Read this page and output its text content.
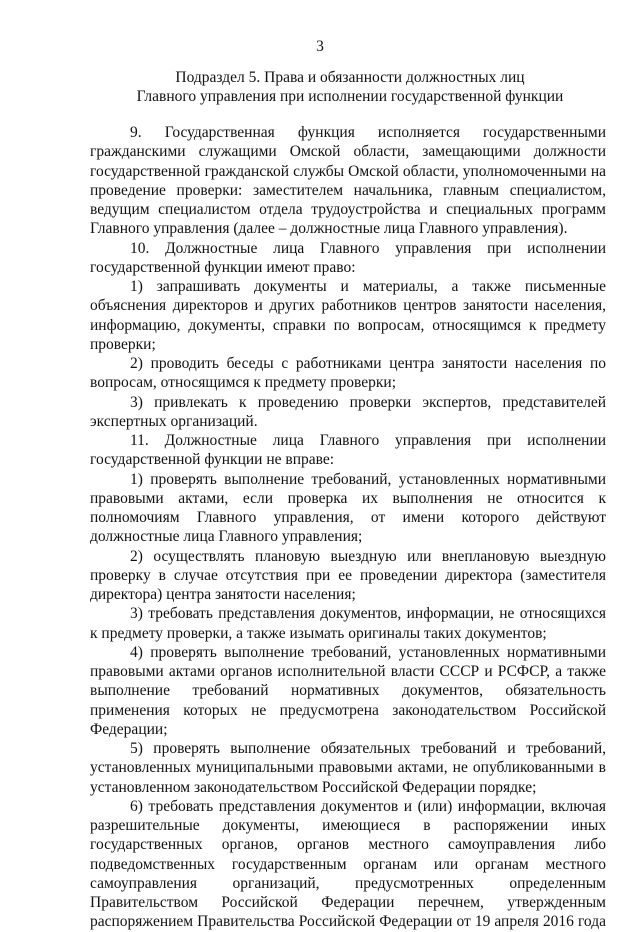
3
Подраздел 5. Права и обязанности должностных лиц
Главного управления при исполнении государственной функции

9. Государственная функция исполняется государственными гражданскими служащими Омской области, замещающими должности государственной гражданской службы Омской области, уполномоченными на проведение проверки: заместителем начальника, главным специалистом, ведущим специалистом отдела трудоустройства и специальных программ Главного управления (далее – должностные лица Главного управления).

10. Должностные лица Главного управления при исполнении государственной функции имеют право:

1) запрашивать документы и материалы, а также письменные объяснения директоров и других работников центров занятости населения, информацию, документы, справки по вопросам, относящимся к предмету проверки;

2) проводить беседы с работниками центра занятости населения по вопросам, относящимся к предмету проверки;

3) привлекать к проведению проверки экспертов, представителей экспертных организаций.

11. Должностные лица Главного управления при исполнении государственной функции не вправе:

1) проверять выполнение требований, установленных нормативными правовыми актами, если проверка их выполнения не относится к полномочиям Главного управления, от имени которого действуют должностные лица Главного управления;

2) осуществлять плановую выездную или внеплановую выездную проверку в случае отсутствия при ее проведении директора (заместителя директора) центра занятости населения;

3) требовать представления документов, информации, не относящихся к предмету проверки, а также изымать оригиналы таких документов;

4) проверять выполнение требований, установленных нормативными правовыми актами органов исполнительной власти СССР и РСФСР, а также выполнение требований нормативных документов, обязательность применения которых не предусмотрена законодательством Российской Федерации;

5) проверять выполнение обязательных требований и требований, установленных муниципальными правовыми актами, не опубликованными в установленном законодательством Российской Федерации порядке;

6) требовать представления документов и (или) информации, включая разрешительные документы, имеющиеся в распоряжении иных государственных органов, органов местного самоуправления либо подведомственных государственным органам или органам местного самоуправления организаций, предусмотренных определенным Правительством Российской Федерации перечнем, утвержденным распоряжением Правительства Российской Федерации от 19 апреля 2016 года
